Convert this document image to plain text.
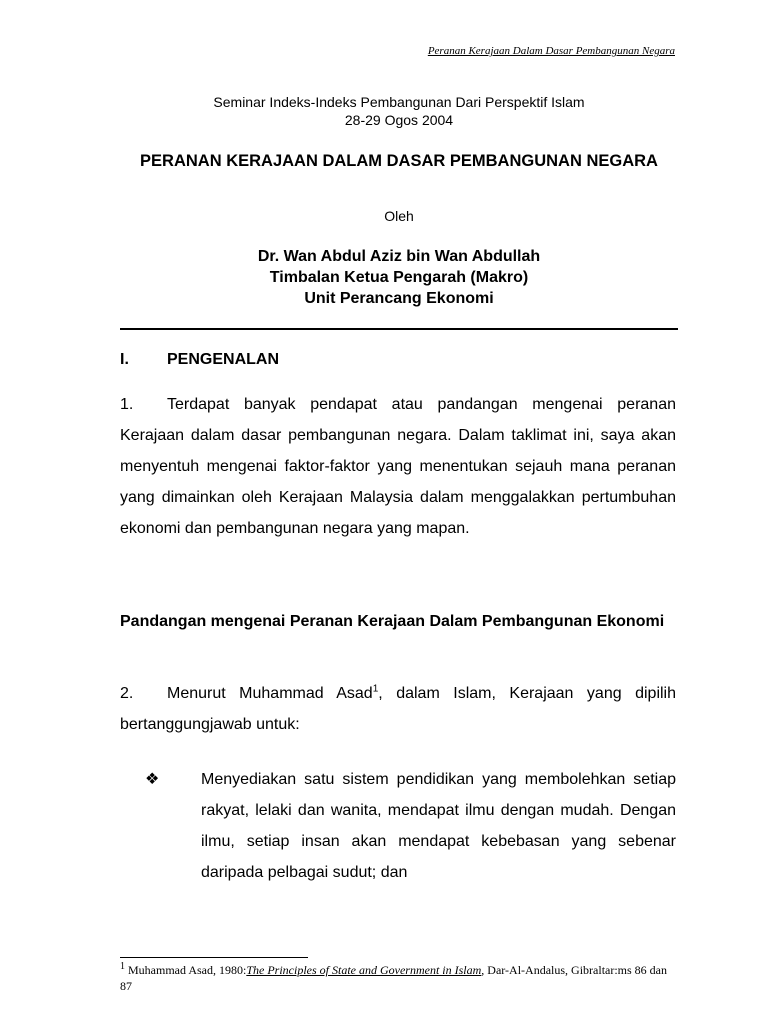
Peranan Kerajaan Dalam Dasar Pembangunan Negara
Seminar Indeks-Indeks Pembangunan Dari Perspektif Islam
28-29 Ogos 2004
PERANAN KERAJAAN DALAM DASAR PEMBANGUNAN NEGARA
Oleh
Dr. Wan Abdul Aziz bin Wan Abdullah
Timbalan Ketua Pengarah (Makro)
Unit Perancang Ekonomi
I. PENGENALAN
1. Terdapat banyak pendapat atau pandangan mengenai peranan Kerajaan dalam dasar pembangunan negara. Dalam taklimat ini, saya akan menyentuh mengenai faktor-faktor yang menentukan sejauh mana peranan yang dimainkan oleh Kerajaan Malaysia dalam menggalakkan pertumbuhan ekonomi dan pembangunan negara yang mapan.
Pandangan mengenai Peranan Kerajaan Dalam Pembangunan Ekonomi
2. Menurut Muhammad Asad$^1$, dalam Islam, Kerajaan yang dipilih bertanggungjawab untuk:
❖	Menyediakan satu sistem pendidikan yang membolehkan setiap rakyat, lelaki dan wanita, mendapat ilmu dengan mudah. Dengan ilmu, setiap insan akan mendapat kebebasan yang sebenar daripada pelbagai sudut; dan
$^1$ Muhammad Asad, 1980:The Principles of State and Government in Islam, Dar-Al-Andalus, Gibraltar:ms 86 dan 87
